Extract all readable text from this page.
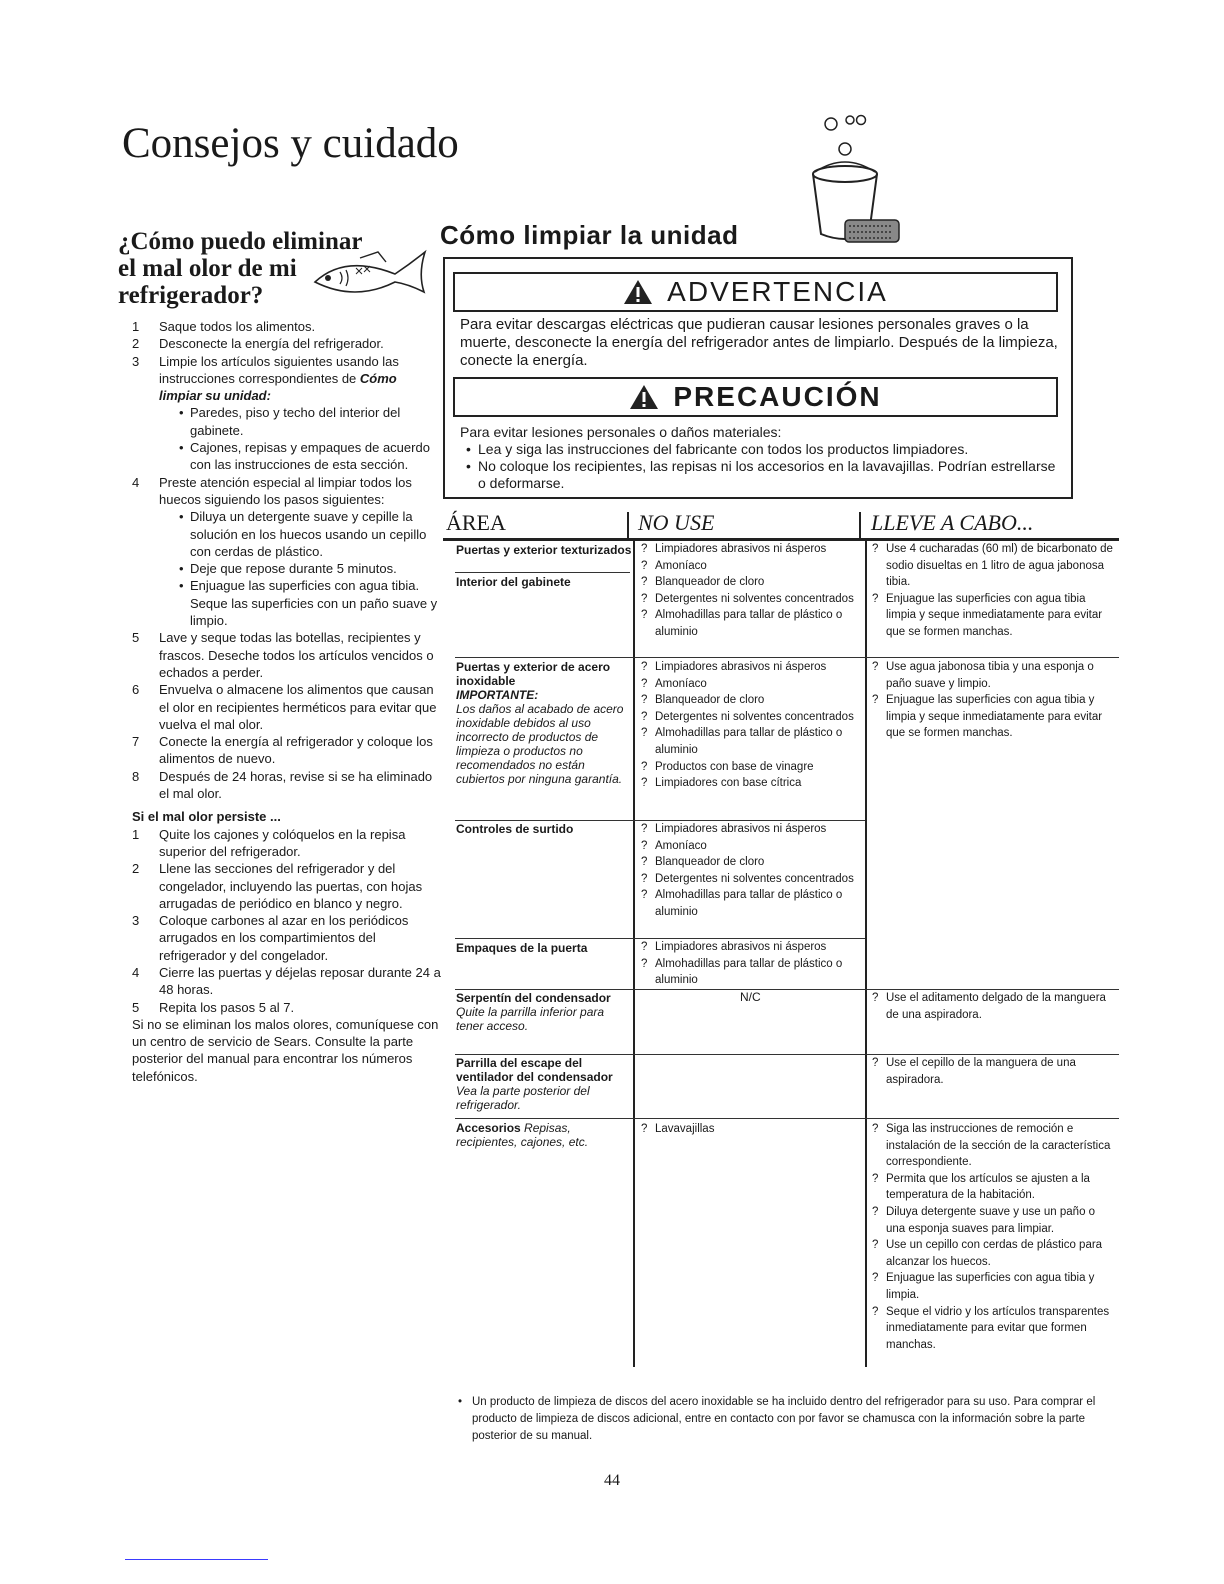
Consejos y cuidado
¿Cómo puedo eliminar
el mal olor de mi
refrigerador?
1 Saque todos los alimentos.
2 Desconecte la energía del refrigerador.
3 Limpie los artículos siguientes usando las instrucciones correspondientes de Cómo limpiar su unidad:
• Paredes, piso y techo del interior del gabinete.
• Cajones, repisas y empaques de acuerdo con las instrucciones de esta sección.
4 Preste atención especial al limpiar todos los huecos siguiendo los pasos siguientes:
• Diluya un detergente suave y cepille la solución en los huecos usando un cepillo con cerdas de plástico.
• Deje que repose durante 5 minutos.
• Enjuague las superficies con agua tibia. Seque las superficies con un paño suave y limpio.
5 Lave y seque todas las botellas, recipientes y frascos. Deseche todos los artículos vencidos o echados a perder.
6 Envuelva o almacene los alimentos que causan el olor en recipientes herméticos para evitar que vuelva el mal olor.
7 Conecte la energía al refrigerador y coloque los alimentos de nuevo.
8 Después de 24 horas, revise si se ha eliminado el mal olor.

Si el mal olor persiste ...

1 Quite los cajones y colóquelos en la repisa superior del refrigerador.
2 Llene las secciones del refrigerador y del congelador, incluyendo las puertas, con hojas arrugadas de periódico en blanco y negro.
3 Coloque carbones al azar en los periódicos arrugados en los compartimientos del refrigerador y del congelador.
4 Cierre las puertas y déjelas reposar durante 24 a 48 horas.
5 Repita los pasos 5 al 7.

Si no se eliminan los malos olores, comuníquese con un centro de servicio de Sears. Consulte la parte posterior del manual para encontrar los números telefónicos.

Cómo limpiar la unidad
ADVERTENCIA
Para evitar descargas eléctricas que pudieran causar lesiones personales graves o la muerte, desconecte la energía del refrigerador antes de limpiarlo. Después de la limpieza, conecte la energía.
PRECAUCIÓN
Para evitar lesiones personales o daños materiales:
• Lea y siga las instrucciones del fabricante con todos los productos limpiadores.
• No coloque los recipientes, las repisas ni los accesorios en la lavavajillas. Podrían estrellarse o deformarse.
ÁREA	NO USE	LLEVE A CABO...
Puertas y exterior texturizados
Interior del gabinete
Puertas y exterior de acero inoxidable
IMPORTANTE:
Los daños al acabado de acero inoxidable debidos al uso incorrecto de productos de limpieza o productos no recomendados no están cubiertos por ninguna garantía.
Controles de surtido
Empaques de la puerta
Serpentín del condensador Quite la parrilla inferior para tener acceso.
Parrilla del escape del ventilador del condensador Vea la parte posterior del refrigerador.
Accesorios Repisas, recipientes, cajones, etc.
? Limpiadores abrasivos ni ásperos
? Amoníaco
? Blanqueador de cloro
? Detergentes ni solventes concentrados
? Almohadillas para tallar de plástico o aluminio
? Limpiadores abrasivos ni ásperos
? Amoníaco
? Blanqueador de cloro
? Detergentes ni solventes concentrados
? Almohadillas para tallar de plástico o aluminio
? Productos con base de vinagre
? Limpiadores con base cítrica
? Limpiadores abrasivos ni ásperos
? Amoníaco
? Blanqueador de cloro
? Detergentes ni solventes concentrados
? Almohadillas para tallar de plástico o aluminio
? Limpiadores abrasivos ni ásperos
? Almohadillas para tallar de plástico o aluminio
N/C
? Lavavajillas
? Use 4 cucharadas (60 ml) de bicarbonato de sodio disueltas en 1 litro de agua jabonosa tibia.
? Enjuague las superficies con agua tibia limpia y seque inmediatamente para evitar que se formen manchas.
? Use agua jabonosa tibia y una esponja o paño suave y limpio.
? Enjuague las superficies con agua tibia y limpia y seque inmediatamente para evitar que se formen manchas.
? Use el aditamento delgado de la manguera de una aspiradora.
? Use el cepillo de la manguera de una aspiradora.
? Siga las instrucciones de remoción e instalación de la sección de la característica correspondiente.
? Permita que los artículos se ajusten a la temperatura de la habitación.
? Diluya detergente suave y use un paño o una esponja suaves para limpiar.
? Use un cepillo con cerdas de plástico para alcanzar los huecos.
? Enjuague las superficies con agua tibia y limpia.
? Seque el vidrio y los artículos transparentes inmediatamente para evitar que formen manchas.
• Un producto de limpieza de discos del acero inoxidable se ha incluido dentro del refrigerador para su uso. Para comprar el producto de limpieza de discos adicional, entre en contacto con por favor se chamusca con la información sobre la parte posterior de su manual.
44
